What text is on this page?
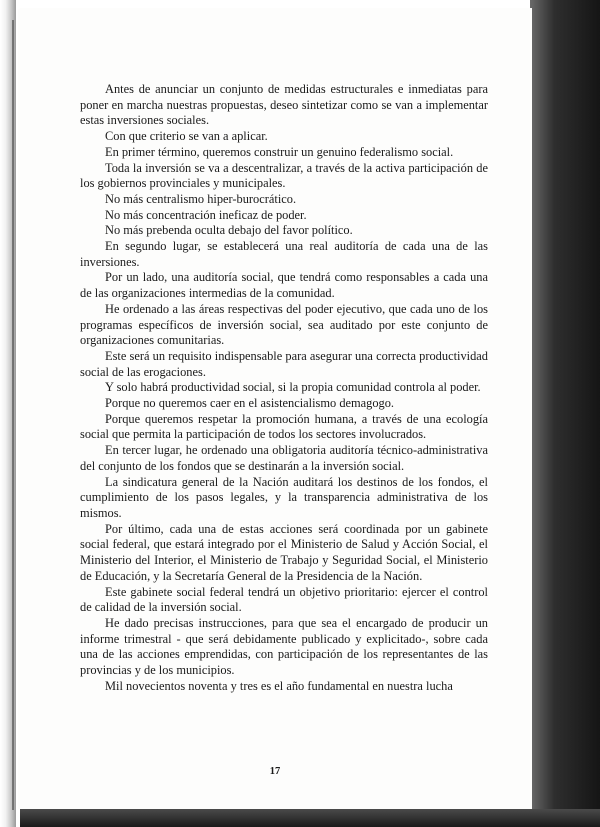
Antes de anunciar un conjunto de medidas estructurales e inmediatas para poner en marcha nuestras propuestas, deseo sintetizar como se van a implementar estas inversiones sociales.

Con que criterio se van a aplicar.

En primer término, queremos construir un genuino federalismo social.

Toda la inversión se va a descentralizar, a través de la activa participación de los gobiernos provinciales y municipales.

No más centralismo hiper-burocrático.

No más concentración ineficaz de poder.

No más prebenda oculta debajo del favor político.

En segundo lugar, se establecerá una real auditoría de cada una de las inversiones.

Por un lado, una auditoría social, que tendrá como responsables a cada una de las organizaciones intermedias de la comunidad.

He ordenado a las áreas respectivas del poder ejecutivo, que cada uno de los programas específicos de inversión social, sea auditado por este conjunto de organizaciones comunitarias.

Este será un requisito indispensable para asegurar una correcta productividad social de las erogaciones.

Y solo habrá productividad social, si la propia comunidad controla al poder.

Porque no queremos caer en el asistencialismo demagogo.

Porque queremos respetar la promoción humana, a través de una ecología social que permita la participación de todos los sectores involucrados.

En tercer lugar, he ordenado una obligatoria auditoría técnico-administrativa del conjunto de los fondos que se destinarán a la inversión social.

La sindicatura general de la Nación auditará los destinos de los fondos, el cumplimiento de los pasos legales, y la transparencia administrativa de los mismos.

Por último, cada una de estas acciones será coordinada por un gabinete social federal, que estará integrado por el Ministerio de Salud y Acción Social, el Ministerio del Interior, el Ministerio de Trabajo y Seguridad Social, el Ministerio de Educación, y la Secretaría General de la Presidencia de la Nación.

Este gabinete social federal tendrá un objetivo prioritario: ejercer el control de calidad de la inversión social.

He dado precisas instrucciones, para que sea el encargado de producir un informe trimestral - que será debidamente publicado y explicitado-, sobre cada una de las acciones emprendidas, con participación de los representantes de las provincias y de los municipios.

Mil novecientos noventa y tres es el año fundamental en nuestra lucha

17
